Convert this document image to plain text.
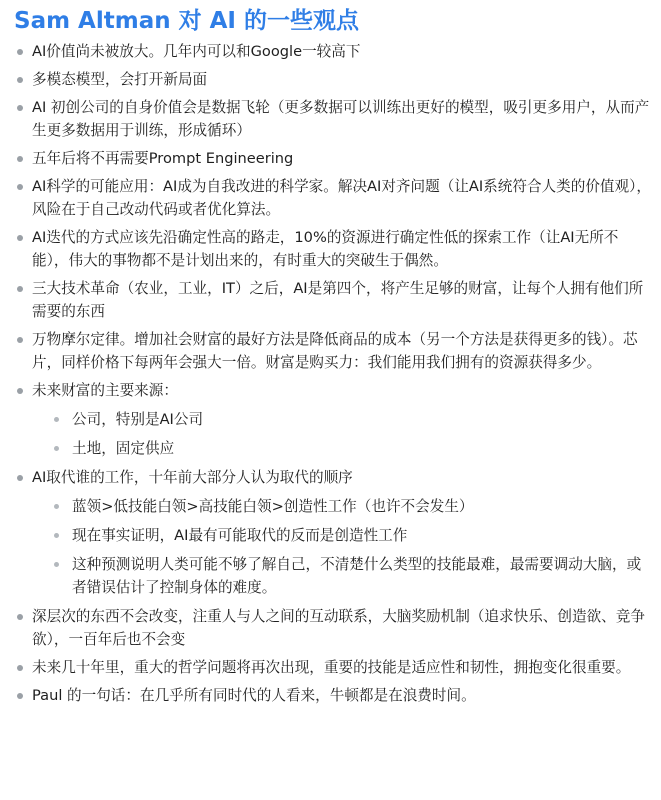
Sam Altman 对 AI 的一些观点
AI价值尚未被放大。几年内可以和Google一较高下
多模态模型，会打开新局面
AI 初创公司的自身价值会是数据飞轮（更多数据可以训练出更好的模型，吸引更多用户，从而产生更多数据用于训练，形成循环）
五年后将不再需要Prompt Engineering
AI科学的可能应用：AI成为自我改进的科学家。解决AI对齐问题（让AI系统符合人类的价值观），风险在于自己改动代码或者优化算法。
AI迭代的方式应该先沿确定性高的路走，10%的资源进行确定性低的探索工作（让AI无所不能），伟大的事物都不是计划出来的，有时重大的突破生于偶然。
三大技术革命（农业，工业，IT）之后，AI是第四个，将产生足够的财富，让每个人拥有他们所需要的东西
万物摩尔定律。增加社会财富的最好方法是降低商品的成本（另一个方法是获得更多的钱）。芯片，同样价格下每两年会强大一倍。财富是购买力：我们能用我们拥有的资源获得多少。
未来财富的主要来源：
公司，特别是AI公司
土地，固定供应
AI取代谁的工作，十年前大部分人认为取代的顺序
蓝领>低技能白领>高技能白领>创造性工作（也许不会发生）
现在事实证明，AI最有可能取代的反而是创造性工作
这种预测说明人类可能不够了解自己，不清楚什么类型的技能最难，最需要调动大脑，或者错误估计了控制身体的难度。
深层次的东西不会改变，注重人与人之间的互动联系，大脑奖励机制（追求快乐、创造欲、竞争欲），一百年后也不会变
未来几十年里，重大的哲学问题将再次出现，重要的技能是适应性和韧性，拥抱变化很重要。
Paul 的一句话：在几乎所有同时代的人看来，牛顿都是在浪费时间。
